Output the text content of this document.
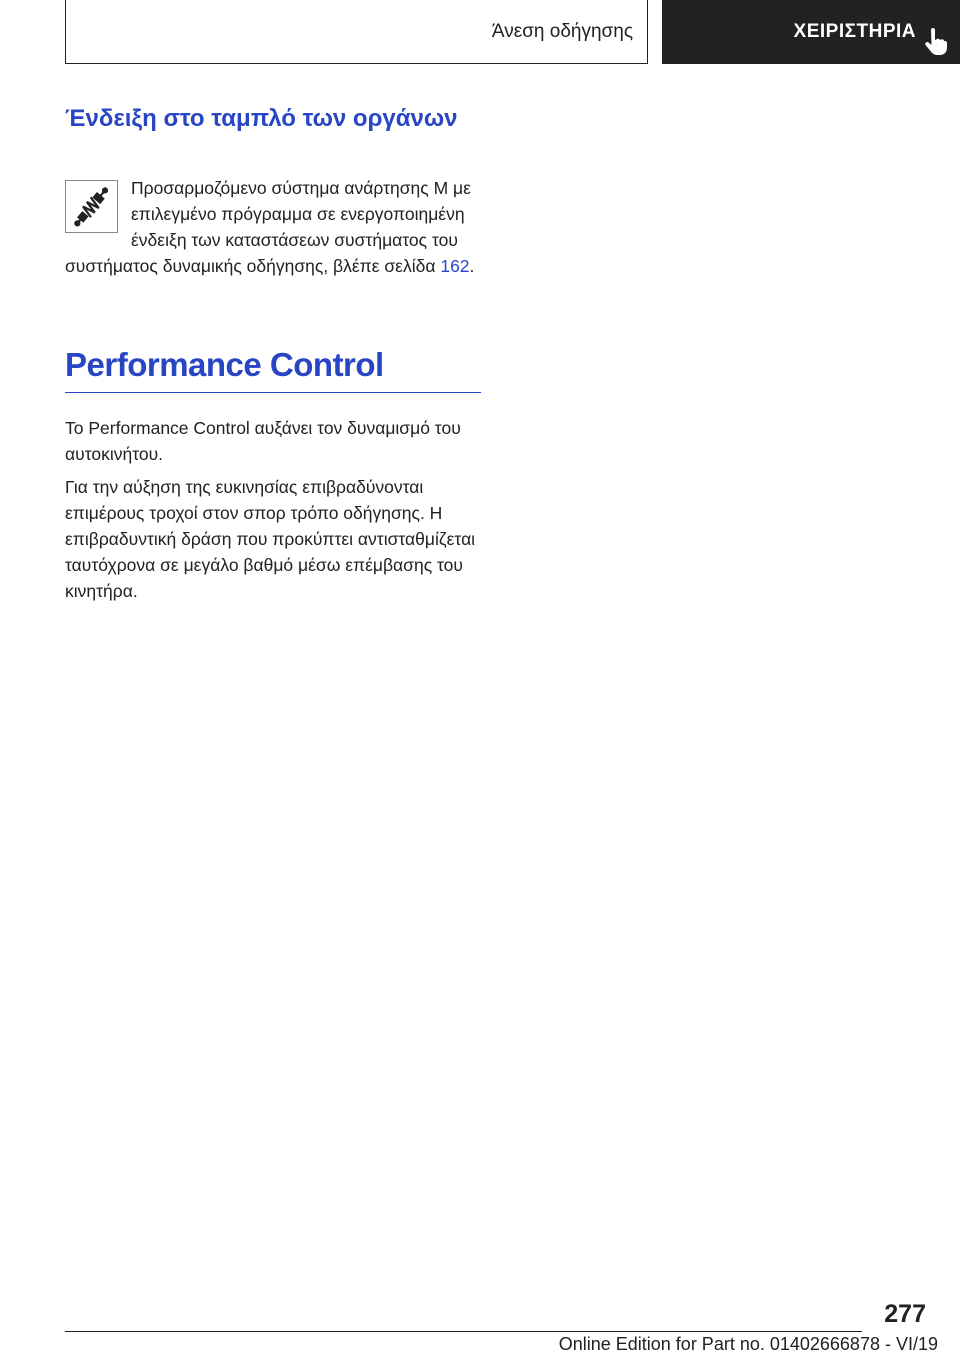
Άνεση οδήγησης	ΧΕΙΡΙΣΤΗΡΙΑ
Ένδειξη στο ταμπλό των οργάνων

Προσαρμοζόμενο σύστημα ανάρτησης M με επιλεγμένο πρόγραμμα σε ενεργοποιημένη ένδειξη των καταστάσεων συστήματος του συστήματος δυναμικής οδήγησης, βλέπε σελίδα 162.

Performance Control

Το Performance Control αυξάνει τον δυναμισμό του αυτοκινήτου.

Για την αύξηση της ευκινησίας επιβραδύνονται επιμέρους τροχοί στον σπορ τρόπο οδήγησης. Η επιβραδυντική δράση που προκύπτει αντισταθμίζεται ταυτόχρονα σε μεγάλο βαθμό μέσω επέμβασης του κινητήρα.

277
Online Edition for Part no. 01402666878 - VI/19
